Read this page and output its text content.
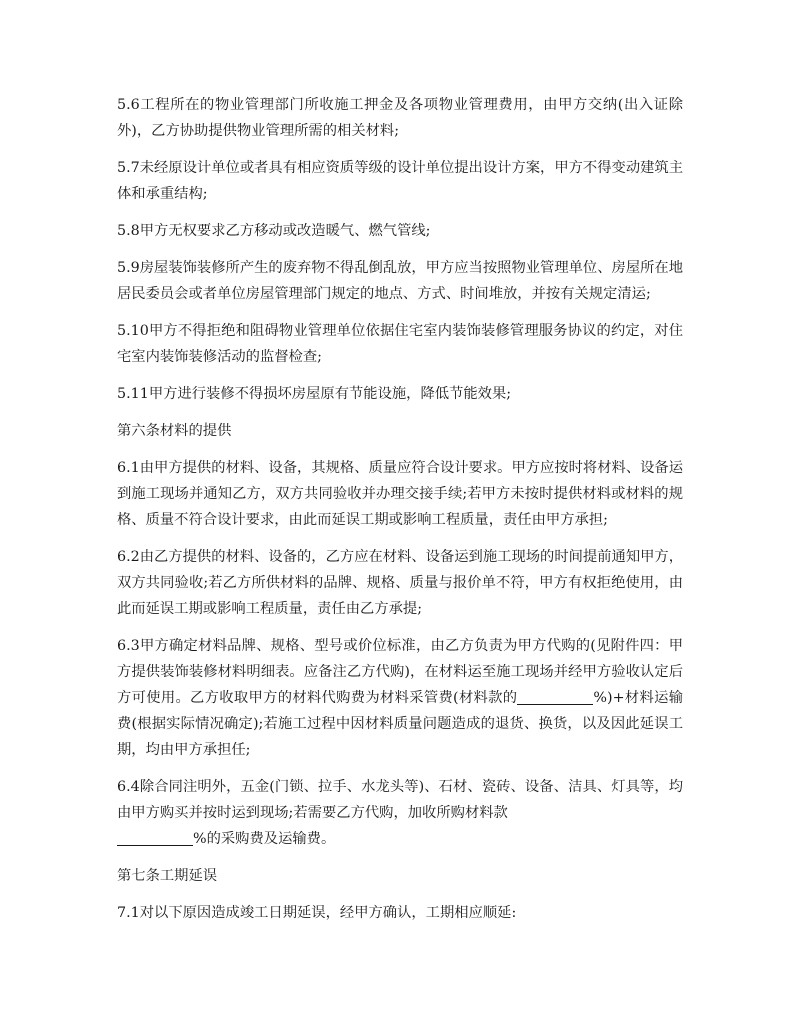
5.6工程所在的物业管理部门所收施工押金及各项物业管理费用，由甲方交纳(出入证除外)，乙方协助提供物业管理所需的相关材料;

5.7未经原设计单位或者具有相应资质等级的设计单位提出设计方案，甲方不得变动建筑主体和承重结构;

5.8甲方无权要求乙方移动或改造暖气、燃气管线;

5.9房屋装饰装修所产生的废弃物不得乱倒乱放，甲方应当按照物业管理单位、房屋所在地居民委员会或者单位房屋管理部门规定的地点、方式、时间堆放，并按有关规定清运;

5.10甲方不得拒绝和阻碍物业管理单位依据住宅室内装饰装修管理服务协议的约定，对住宅室内装饰装修活动的监督检查;

5.11甲方进行装修不得损坏房屋原有节能设施，降低节能效果;

第六条材料的提供

6.1由甲方提供的材料、设备，其规格、质量应符合设计要求。甲方应按时将材料、设备运到施工现场并通知乙方，双方共同验收并办理交接手续;若甲方未按时提供材料或材料的规格、质量不符合设计要求，由此而延误工期或影响工程质量，责任由甲方承担;

6.2由乙方提供的材料、设备的，乙方应在材料、设备运到施工现场的时间提前通知甲方，双方共同验收;若乙方所供材料的品牌、规格、质量与报价单不符，甲方有权拒绝使用，由此而延误工期或影响工程质量，责任由乙方承提;

6.3甲方确定材料品牌、规格、型号或价位标准，由乙方负责为甲方代购的(见附件四：甲方提供装饰装修材料明细表。应备注乙方代购)，在材料运至施工现场并经甲方验收认定后方可使用。乙方收取甲方的材料代购费为材料采管费(材料款的	%)+材料运输费(根据实际情况确定);若施工过程中因材料质量问题造成的退货、换货，以及因此延误工期，均由甲方承担任;

6.4除合同注明外，五金(门锁、拉手、水龙头等)、石材、瓷砖、设备、洁具、灯具等，均由甲方购买并按时运到现场;若需要乙方代购，加收所购材料款
%的采购费及运输费。

第七条工期延误

7.1对以下原因造成竣工日期延误，经甲方确认，工期相应顺延:
